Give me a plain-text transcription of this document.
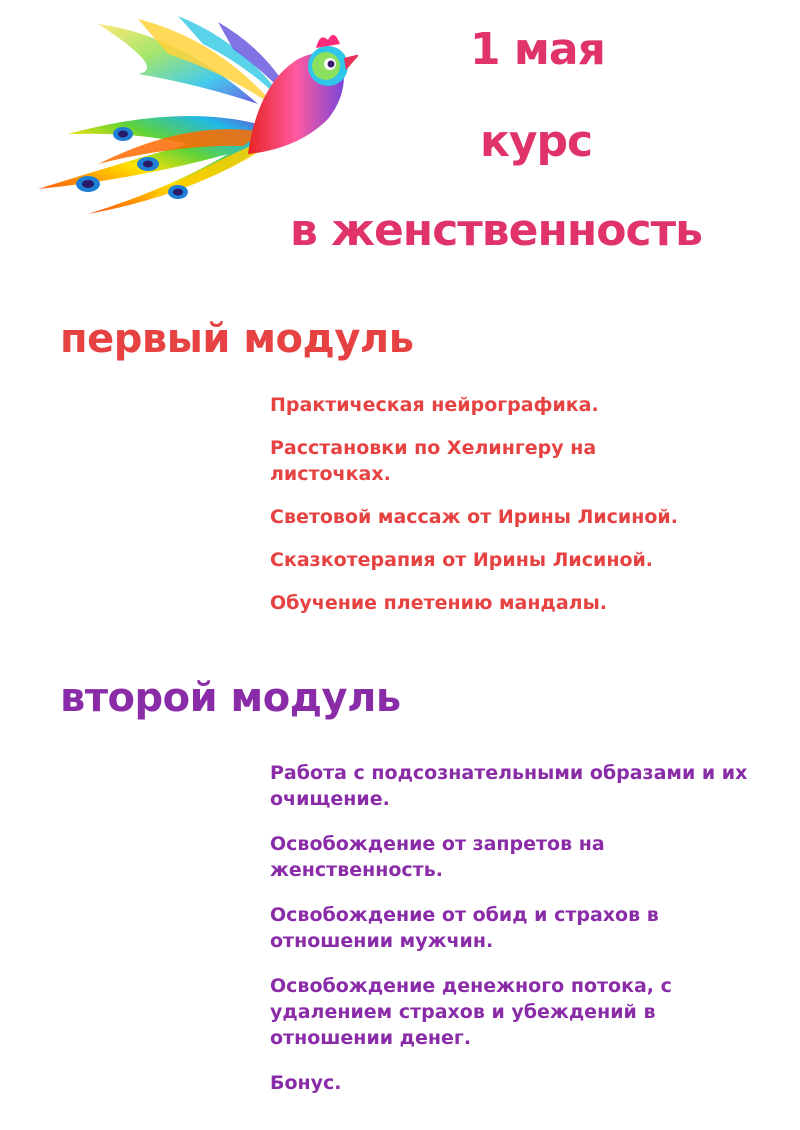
1 мая
курс
в женственность
первый модуль
Практическая нейрографика.
Расстановки по Хелингеру на листочках.
Световой массаж от Ирины Лисиной.
Сказкотерапия от Ирины Лисиной.
Обучение плетению мандалы.
второй модуль
Работа с подсознательными образами и их очищение.
Освобождение от запретов на женственность.
Освобождение от обид и страхов в отношении мужчин.
Освобождение денежного потока, с удалением страхов и убеждений в отношении денег.
Бонус.
